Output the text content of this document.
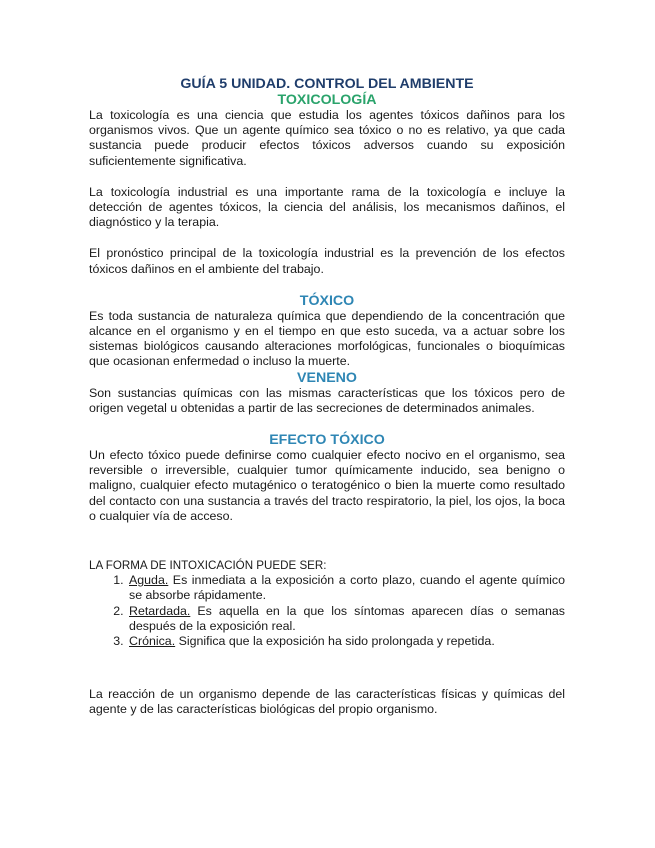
GUÍA 5 UNIDAD. CONTROL DEL AMBIENTE
TOXICOLOGÍA

La toxicología es una ciencia que estudia los agentes tóxicos dañinos para los organismos vivos. Que un agente químico sea tóxico o no es relativo, ya que cada sustancia puede producir efectos tóxicos adversos cuando su exposición suficientemente significativa.

La toxicología industrial es una importante rama de la toxicología e incluye la detección de agentes tóxicos, la ciencia del análisis, los mecanismos dañinos, el diagnóstico y la terapia.

El pronóstico principal de la toxicología industrial es la prevención de los efectos tóxicos dañinos en el ambiente del trabajo.

TÓXICO

Es toda sustancia de naturaleza química que dependiendo de la concentración que alcance en el organismo y en el tiempo en que esto suceda, va a actuar sobre los sistemas biológicos causando alteraciones morfológicas, funcionales o bioquímicas que ocasionan enfermedad o incluso la muerte.

VENENO

Son sustancias químicas con las mismas características que los tóxicos pero de origen vegetal u obtenidas a partir de las secreciones de determinados animales.

EFECTO TÓXICO

Un efecto tóxico puede definirse como cualquier efecto nocivo en el organismo, sea reversible o irreversible, cualquier tumor químicamente inducido, sea benigno o maligno, cualquier efecto mutagénico o teratogénico o bien la muerte como resultado del contacto con una sustancia a través del tracto respiratorio, la piel, los ojos, la boca o cualquier vía de acceso.

LA FORMA DE INTOXICACIÓN PUEDE SER:

1. Aguda. Es inmediata a la exposición a corto plazo, cuando el agente químico se absorbe rápidamente.
2. Retardada. Es aquella en la que los síntomas aparecen días o semanas después de la exposición real.
3. Crónica. Significa que la exposición ha sido prolongada y repetida.

La reacción de un organismo depende de las características físicas y químicas del agente y de las características biológicas del propio organismo.
